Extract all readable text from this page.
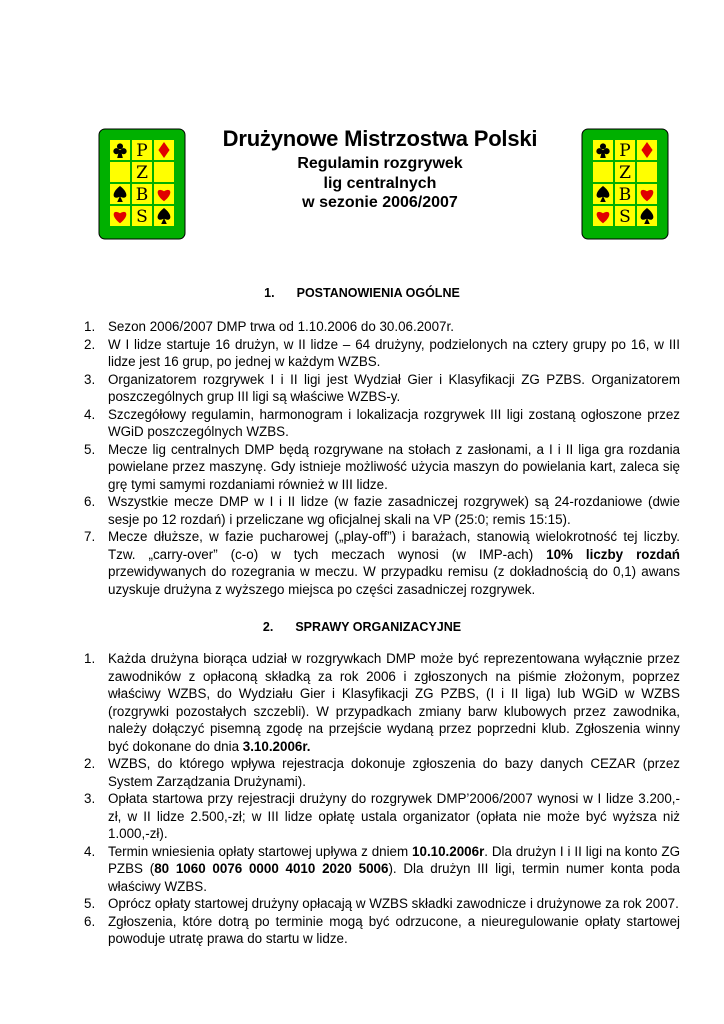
P
Z
B
S
P
Z
B
S
Drużynowe Mistrzostwa Polski
Regulamin rozgrywek
lig centralnych
w sezonie 2006/2007
1. POSTANOWIENIA OGÓLNE
1. Sezon 2006/2007 DMP trwa od 1.10.2006 do 30.06.2007r.
2. W I lidze startuje 16 drużyn, w II lidze – 64 drużyny, podzielonych na cztery grupy po 16, w III lidze jest 16 grup, po jednej w każdym WZBS.
3. Organizatorem rozgrywek I i II ligi jest Wydział Gier i Klasyfikacji ZG PZBS. Organizatorem poszczególnych grup III ligi są właściwe WZBS-y.
4. Szczegółowy regulamin, harmonogram i lokalizacja rozgrywek III ligi zostaną ogłoszone przez WGiD poszczególnych WZBS.
5. Mecze lig centralnych DMP będą rozgrywane na stołach z zasłonami, a I i II liga gra rozdania powielane przez maszynę. Gdy istnieje możliwość użycia maszyn do powielania kart, zaleca się grę tymi samymi rozdaniami również w III lidze.
6. Wszystkie mecze DMP w I i II lidze (w fazie zasadniczej rozgrywek) są 24-rozdaniowe (dwie sesje po 12 rozdań) i przeliczane wg oficjalnej skali na VP (25:0; remis 15:15).
7. Mecze dłuższe, w fazie pucharowej („play-off”) i barażach, stanowią wielokrotność tej liczby. Tzw. „carry-over” (c-o) w tych meczach wynosi (w IMP-ach) 10% liczby rozdań przewidywanych do rozegrania w meczu. W przypadku remisu (z dokładnością do 0,1) awans uzyskuje drużyna z wyższego miejsca po części zasadniczej rozgrywek.
2. SPRAWY ORGANIZACYJNE
1. Każda drużyna biorąca udział w rozgrywkach DMP może być reprezentowana wyłącznie przez zawodników z opłaconą składką za rok 2006 i zgłoszonych na piśmie złożonym, poprzez właściwy WZBS, do Wydziału Gier i Klasyfikacji ZG PZBS, (I i II liga) lub WGiD w WZBS (rozgrywki pozostałych szczebli). W przypadkach zmiany barw klubowych przez zawodnika, należy dołączyć pisemną zgodę na przejście wydaną przez poprzedni klub. Zgłoszenia winny być dokonane do dnia 3.10.2006r.
2. WZBS, do którego wpływa rejestracja dokonuje zgłoszenia do bazy danych CEZAR (przez System Zarządzania Drużynami).
3. Opłata startowa przy rejestracji drużyny do rozgrywek DMP’2006/2007 wynosi w I lidze 3.200,-zł, w II lidze 2.500,-zł; w III lidze opłatę ustala organizator (opłata nie może być wyższa niż 1.000,-zł).
4. Termin wniesienia opłaty startowej upływa z dniem 10.10.2006r. Dla drużyn I i II ligi na konto ZG PZBS (80 1060 0076 0000 4010 2020 5006). Dla drużyn III ligi, termin numer konta poda właściwy WZBS.
5. Oprócz opłaty startowej drużyny opłacają w WZBS składki zawodnicze i drużynowe za rok 2007.
6. Zgłoszenia, które dotrą po terminie mogą być odrzucone, a nieuregulowanie opłaty startowej powoduje utratę prawa do startu w lidze.
